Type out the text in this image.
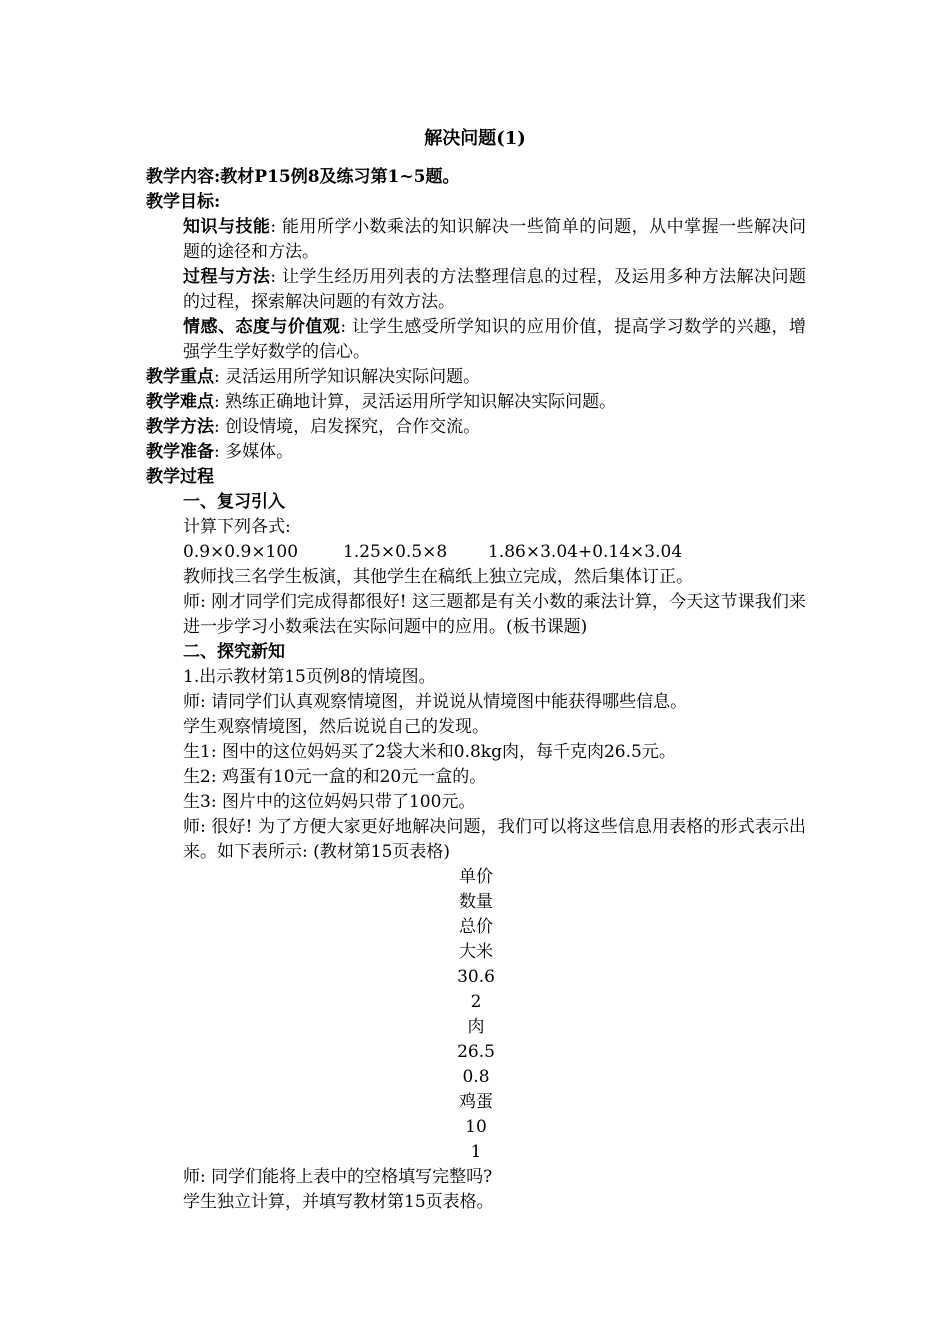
解决问题(1)

教学内容:教材P15例8及练习第1~5题。

教学目标:

知识与技能: 能用所学小数乘法的知识解决一些简单的问题，从中掌握一些解决问题的途径和方法。

过程与方法: 让学生经历用列表的方法整理信息的过程，及运用多种方法解决问题的过程，探索解决问题的有效方法。

情感、态度与价值观: 让学生感受所学知识的应用价值，提高学习数学的兴趣，增强学生学好数学的信心。

教学重点: 灵活运用所学知识解决实际问题。

教学难点: 熟练正确地计算，灵活运用所学知识解决实际问题。

教学方法: 创设情境，启发探究，合作交流。

教学准备: 多媒体。

教学过程

一、复习引入

计算下列各式:

0.9×0.9×100	1.25×0.5×8 1.86×3.04+0.14×3.04

教师找三名学生板演，其他学生在稿纸上独立完成，然后集体订正。

师: 刚才同学们完成得都很好! 这三题都是有关小数的乘法计算，今天这节课我们来进一步学习小数乘法在实际问题中的应用。(板书课题)

二、探究新知

1.出示教材第15页例8的情境图。

师: 请同学们认真观察情境图，并说说从情境图中能获得哪些信息。

学生观察情境图，然后说说自己的发现。

生1: 图中的这位妈妈买了2袋大米和0.8kg肉，每千克肉26.5元。

生2: 鸡蛋有10元一盒的和20元一盒的。

生3: 图片中的这位妈妈只带了100元。

师: 很好! 为了方便大家更好地解决问题，我们可以将这些信息用表格的形式表示出来。如下表所示: (教材第15页表格)

单价

数量

总价

大米

30.6

2

肉

26.5

0.8

鸡蛋

10

1

师: 同学们能将上表中的空格填写完整吗?

学生独立计算，并填写教材第15页表格。
